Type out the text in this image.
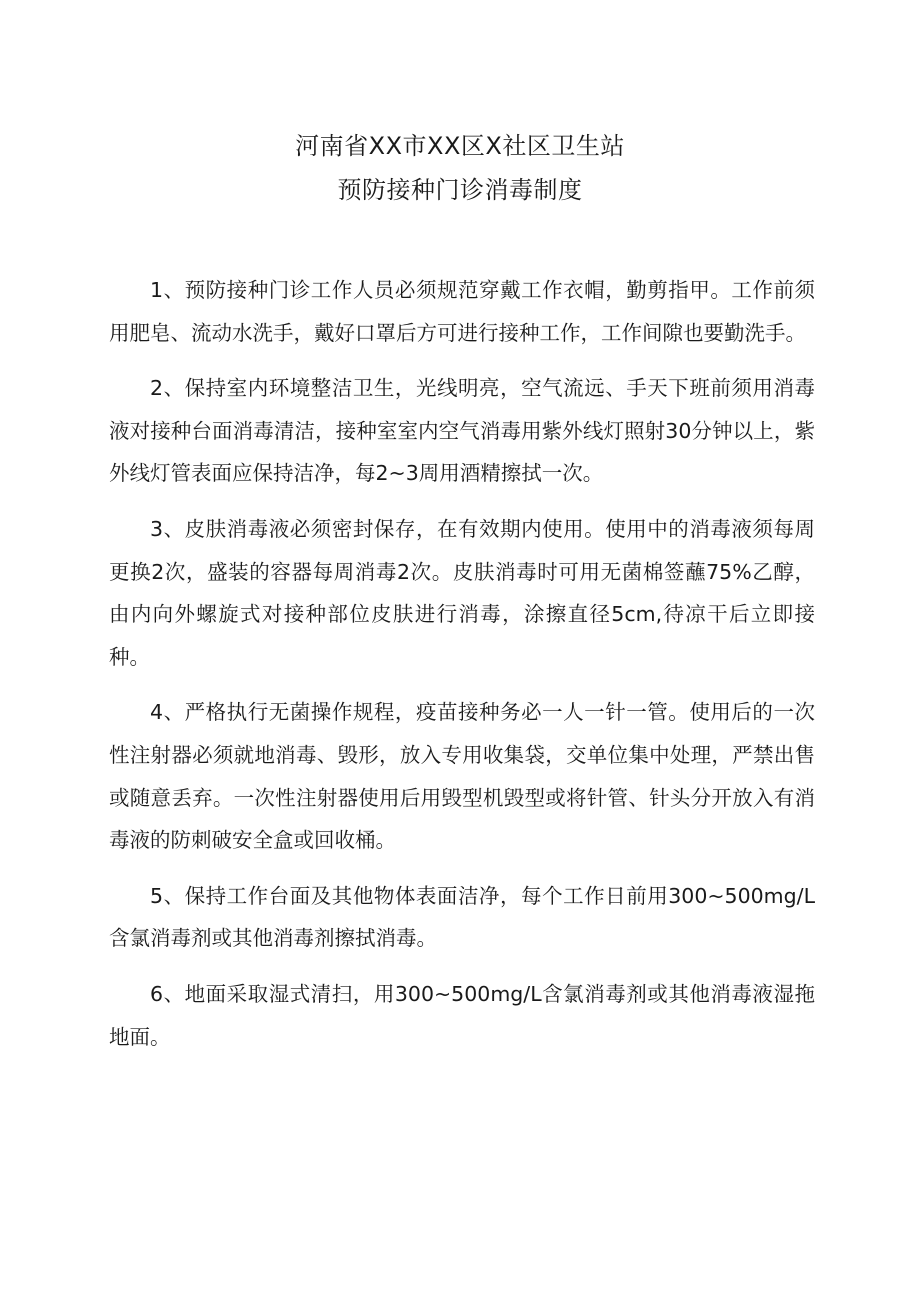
河南省XX市XX区X社区卫生站
预防接种门诊消毒制度

1、预防接种门诊工作人员必须规范穿戴工作衣帽，勤剪指甲。工作前须用肥皂、流动水洗手，戴好口罩后方可进行接种工作，工作间隙也要勤洗手。

2、保持室内环境整洁卫生，光线明亮，空气流远、手天下班前须用消毒液对接种台面消毒清洁，接种室室内空气消毒用紫外线灯照射30分钟以上，紫外线灯管表面应保持洁净，每2~3周用酒精擦拭一次。

3、皮肤消毒液必须密封保存，在有效期内使用。使用中的消毒液须每周更换2次，盛装的容器每周消毒2次。皮肤消毒时可用无菌棉签蘸75%乙醇，由内向外螺旋式对接种部位皮肤进行消毒，涂擦直径5cm,待凉干后立即接种。

4、严格执行无菌操作规程，疫苗接种务必一人一针一管。使用后的一次性注射器必须就地消毒、毁形，放入专用收集袋，交单位集中处理，严禁出售或随意丢弃。一次性注射器使用后用毁型机毁型或将针管、针头分开放入有消毒液的防刺破安全盒或回收桶。

5、保持工作台面及其他物体表面洁净，每个工作日前用300~500mg/L含氯消毒剂或其他消毒剂擦拭消毒。

6、地面采取湿式清扫，用300~500mg/L含氯消毒剂或其他消毒液湿拖地面。
